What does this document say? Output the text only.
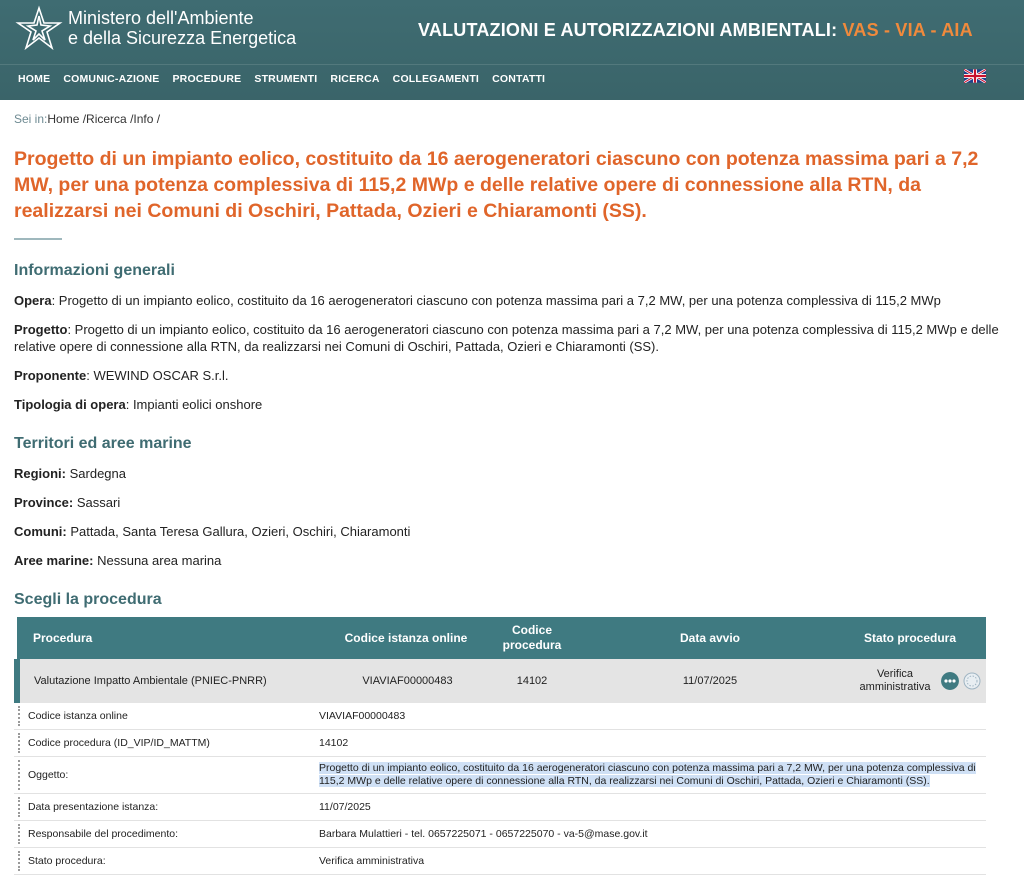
Ministero dell'Ambiente
e della Sicurezza Energetica	VALUTAZIONI E AUTORIZZAZIONI AMBIENTALI: VAS - VIA - AIA
HOME COMUNIC-AZIONE PROCEDURE STRUMENTI RICERCA COLLEGAMENTI CONTATTI
Sei in:Home /Ricerca /Info /
Progetto di un impianto eolico, costituito da 16 aerogeneratori ciascuno con potenza massima pari a 7,2 MW, per una potenza complessiva di 115,2 MWp e delle relative opere di connessione alla RTN, da realizzarsi nei Comuni di Oschiri, Pattada, Ozieri e Chiaramonti (SS).
Informazioni generali
Opera: Progetto di un impianto eolico, costituito da 16 aerogeneratori ciascuno con potenza massima pari a 7,2 MW, per una potenza complessiva di 115,2 MWp
Progetto: Progetto di un impianto eolico, costituito da 16 aerogeneratori ciascuno con potenza massima pari a 7,2 MW, per una potenza complessiva di 115,2 MWp e delle relative opere di connessione alla RTN, da realizzarsi nei Comuni di Oschiri, Pattada, Ozieri e Chiaramonti (SS).
Proponente: WEWIND OSCAR S.r.l.
Tipologia di opera: Impianti eolici onshore
Territori ed aree marine
Regioni: Sardegna
Province: Sassari
Comuni: Pattada, Santa Teresa Gallura, Ozieri, Oschiri, Chiaramonti
Aree marine: Nessuna area marina
Scegli la procedura
Procedura	Codice istanza online	Codice procedura	Data avvio	Stato procedura
Valutazione Impatto Ambientale (PNIEC-PNRR)	VIAVIAF00000483	14102	11/07/2025	Verifica amministrativa
Codice istanza online	VIAVIAF00000483
Codice procedura (ID_VIP/ID_MATTM)	14102
Oggetto:	Progetto di un impianto eolico, costituito da 16 aerogeneratori ciascuno con potenza massima pari a 7,2 MW, per una potenza complessiva di 115,2 MWp e delle relative opere di connessione alla RTN, da realizzarsi nei Comuni di Oschiri, Pattada, Ozieri e Chiaramonti (SS).
Data presentazione istanza:	11/07/2025
Responsabile del procedimento:	Barbara Mulattieri - tel. 0657225071 - 0657225070 - va-5@mase.gov.it
Stato procedura:	Verifica amministrativa
